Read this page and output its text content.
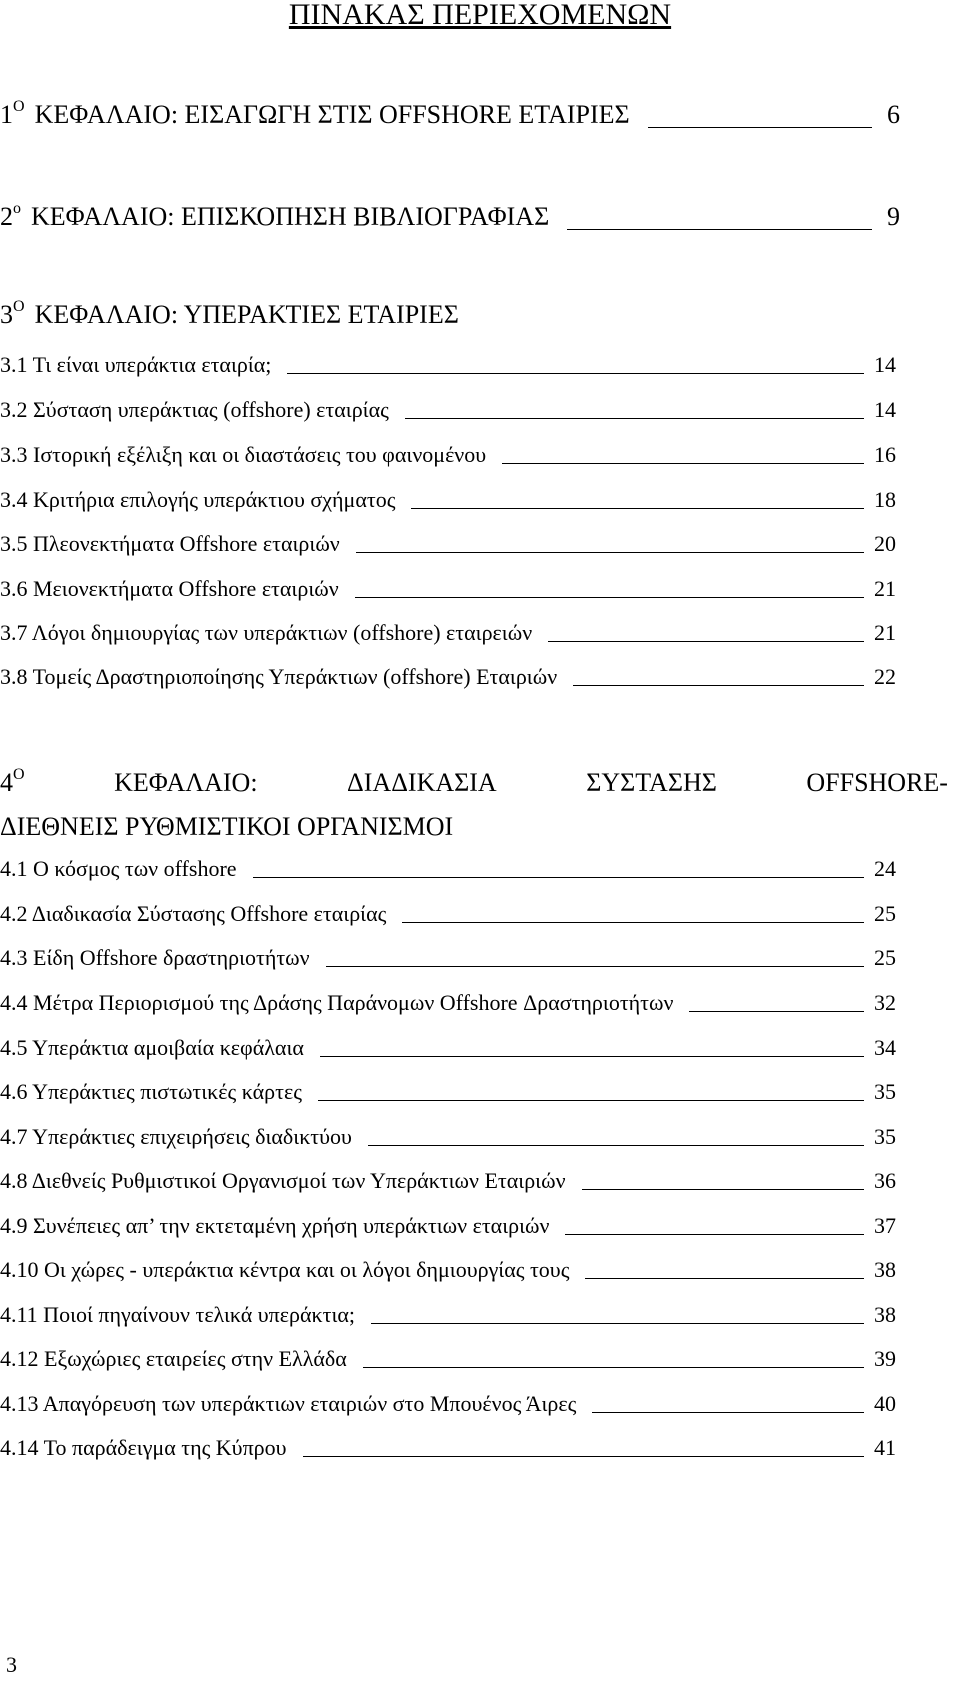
ΠΙΝΑΚΑΣ ΠΕΡΙΕΧΟΜΕΝΩΝ
$1^O$ ΚΕΦΑΛΑΙΟ: ΕΙΣΑΓΩΓΗ ΣΤΙΣ OFFSHORE ΕΤΑΙΡΙΕΣ	6
$2^o$ ΚΕΦΑΛΑΙΟ: ΕΠΙΣΚΟΠΗΣΗ ΒΙΒΛΙΟΓΡΑΦΙΑΣ	9
$3^O$ ΚΕΦΑΛΑΙΟ: ΥΠΕΡΑΚΤΙΕΣ ΕΤΑΙΡΙΕΣ
3.1 Τι είναι υπεράκτια εταιρία;	14
3.2 Σύσταση υπεράκτιας (offshore) εταιρίας	14
3.3 Ιστορική εξέλιξη και οι διαστάσεις του φαινομένου	16
3.4 Κριτήρια επιλογής υπεράκτιου σχήματος	18
3.5 Πλεονεκτήματα Offshore εταιριών	20
3.6 Μειονεκτήματα Offshore εταιριών	21
3.7 Λόγοι δημιουργίας των υπεράκτιων (offshore) εταιρειών	21
3.8 Τομείς Δραστηριοποίησης Υπεράκτιων (offshore) Εταιριών	22
$4^O$	ΚΕΦΑΛΑΙΟ:	ΔΙΑΔΙΚΑΣΙΑ	ΣΥΣΤΑΣΗΣ	OFFSHORE-
ΔΙΕΘΝΕΙΣ ΡΥΘΜΙΣΤΙΚΟΙ ΟΡΓΑΝΙΣΜΟΙ
4.1 Ο κόσμος των offshore	24
4.2 Διαδικασία Σύστασης Offshore εταιρίας	25
4.3 Είδη Offshore δραστηριοτήτων	25
4.4 Μέτρα Περιορισμού της Δράσης Παράνομων Offshore Δραστηριοτήτων	32
4.5 Υπεράκτια αμοιβαία κεφάλαια	34
4.6 Υπεράκτιες πιστωτικές κάρτες	35
4.7 Υπεράκτιες επιχειρήσεις διαδικτύου	35
4.8 Διεθνείς Ρυθμιστικοί Οργανισμοί των Υπεράκτιων Εταιριών	36
4.9 Συνέπειες απ’ την εκτεταμένη χρήση υπεράκτιων εταιριών	37
4.10 Οι χώρες - υπεράκτια κέντρα και οι λόγοι δημιουργίας τους	38
4.11 Ποιοί πηγαίνουν τελικά υπεράκτια;	38
4.12 Εξωχώριες εταιρείες στην Ελλάδα	39
4.13 Απαγόρευση των υπεράκτιων εταιριών στο Μπουένος Άιρες	40
4.14 Το παράδειγμα της Κύπρου	41
3
